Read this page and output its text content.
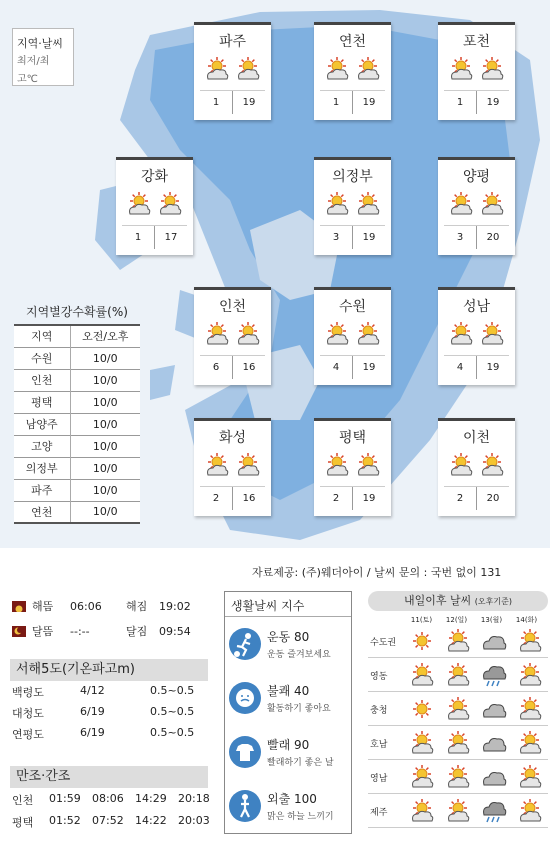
지역·날씨
최저/최고℃
파주
1	19
연천
1	19
포천
1	19
강화
1	17
의정부
3	19
양평
3	20
인천
6	16
수원
4	19
성남
4	19
화성
2	16
평택
2	19
이천
2	20
지역별강수확률(%)
지역	오전/오후
수원	10/0
인천	10/0
평택	10/0
남양주	10/0
고양	10/0
의정부	10/0
파주	10/0
연천	10/0
자료제공: (주)웨더아이 / 날씨 문의 : 국번 없이 131
해뜸	06:06	해짐	19:02
달뜸	--:--	달짐	09:54
서해5도(기온파고m)
백령도	4/12	0.5~0.5
대청도	6/19	0.5~0.5
연평도	6/19	0.5~0.5
만조·간조
인천	01:59	08:06	14:29	20:18
평택	01:52	07:52	14:22	20:03
생활날씨 지수
운동 80
운동 즐겨보세요
불쾌 40
활동하기 좋아요
빨래 90
빨래하기 좋은 날
외출 100
맑은 하늘 느끼기
내일이후 날씨 (오후기준)
11(토)	12(일)	13(월)	14(화)
수도권
영동
충청
호남
영남
제주
